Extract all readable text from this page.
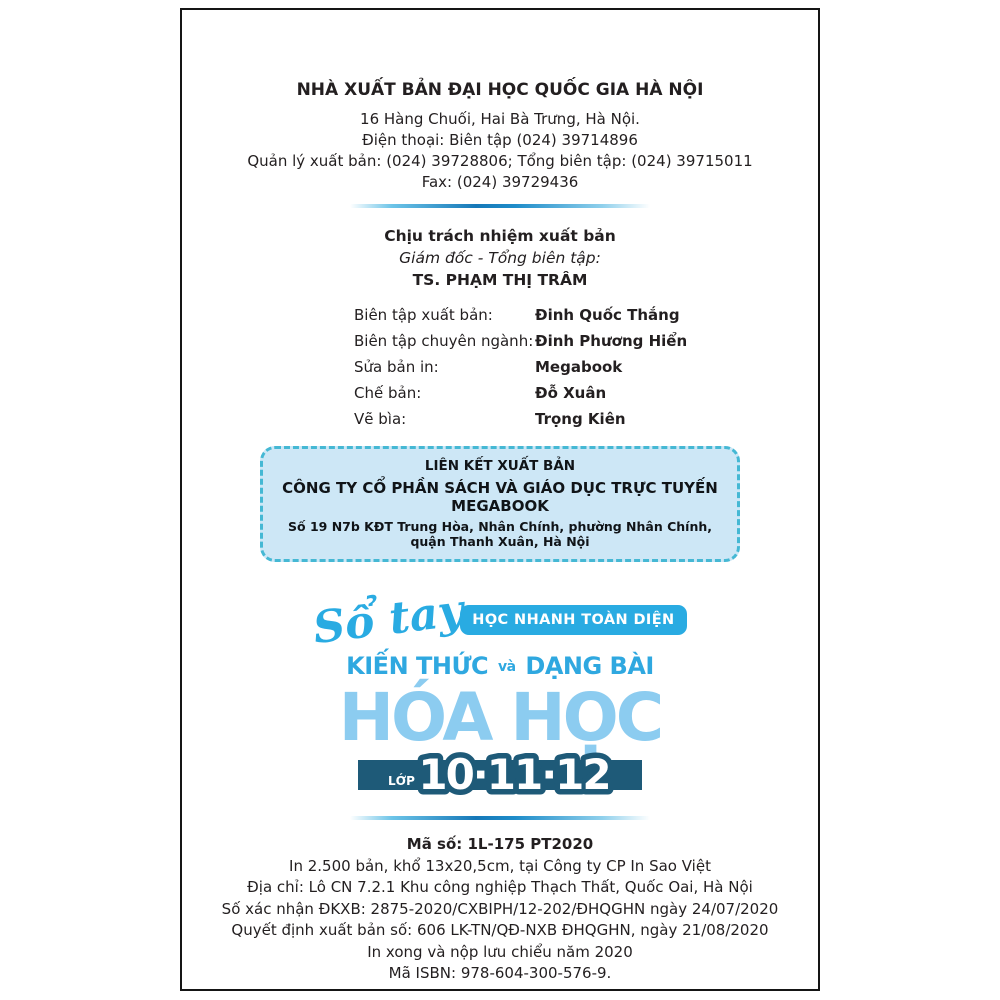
NHÀ XUẤT BẢN ĐẠI HỌC QUỐC GIA HÀ NỘI
16 Hàng Chuối, Hai Bà Trưng, Hà Nội.
Điện thoại: Biên tập (024) 39714896
Quản lý xuất bản: (024) 39728806; Tổng biên tập: (024) 39715011
Fax: (024) 39729436
Chịu trách nhiệm xuất bản
Giám đốc - Tổng biên tập:
TS. PHẠM THỊ TRÂM
Biên tập xuất bản:	Đinh Quốc Thắng
Biên tập chuyên ngành: Đinh Phương Hiển
Sửa bản in:	Megabook
Chế bản:	Đỗ Xuân
Vẽ bìa:	Trọng Kiên
LIÊN KẾT XUẤT BẢN
CÔNG TY CỔ PHẦN SÁCH VÀ GIÁO DỤC TRỰC TUYẾN MEGABOOK
Số 19 N7b KĐT Trung Hòa, Nhân Chính, phường Nhân Chính, quận Thanh Xuân, Hà Nội
Sổ tay HỌC NHANH TOÀN DIỆN
KIẾN THỨC và DẠNG BÀI
HÓA HỌC
LỚP 10·11·12
Mã số: 1L-175 PT2020
In 2.500 bản, khổ 13x20,5cm, tại Công ty CP In Sao Việt
Địa chỉ: Lô CN 7.2.1 Khu công nghiệp Thạch Thất, Quốc Oai, Hà Nội
Số xác nhận ĐKXB: 2875-2020/CXBIPH/12-202/ĐHQGHN ngày 24/07/2020
Quyết định xuất bản số: 606 LK-TN/QĐ-NXB ĐHQGHN, ngày 21/08/2020
In xong và nộp lưu chiểu năm 2020
Mã ISBN: 978-604-300-576-9.
